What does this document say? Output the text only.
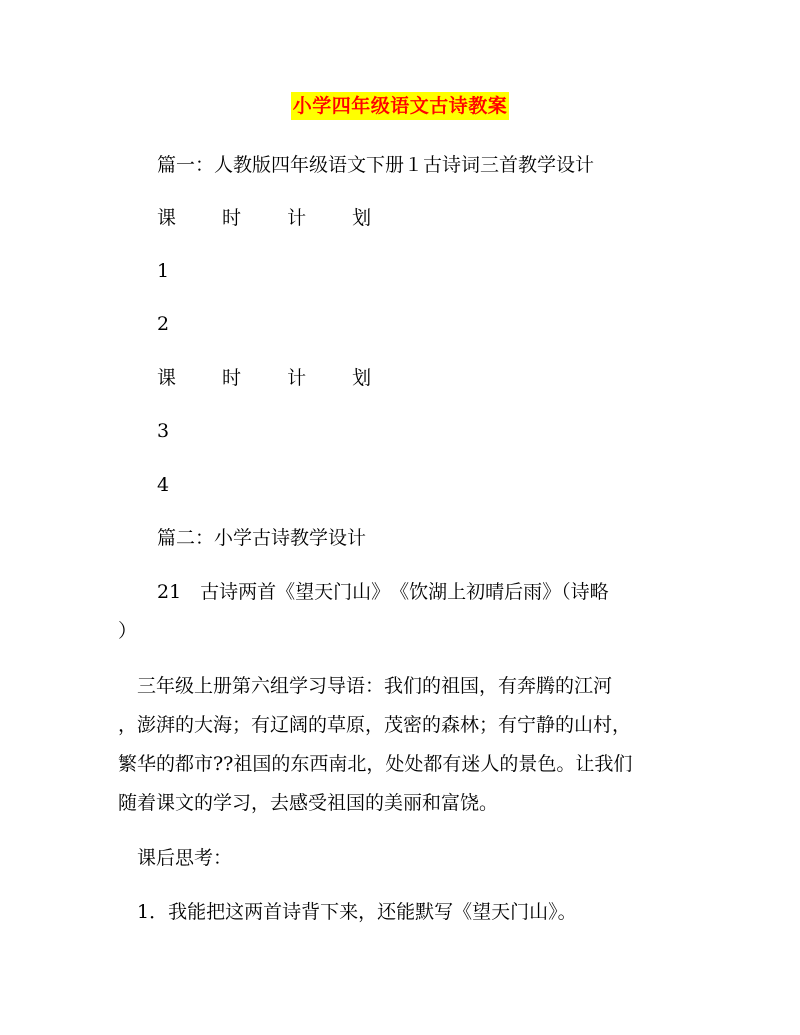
小学四年级语文古诗教案
篇一：人教版四年级语文下册１古诗词三首教学设计
课 时 计 划
1
2
课 时 计 划
3
4
篇二：小学古诗教学设计
21　古诗两首《望天门山》　《饮湖上初晴后雨》（诗略
）
　三年级上册第六组学习导语：我们的祖国，有奔腾的江河
，澎湃的大海；有辽阔的草原，茂密的森林；有宁静的山村，
繁华的都市??祖国的东西南北，处处都有迷人的景色。让我们
随着课文的学习，去感受祖国的美丽和富饶。
　课后思考：
　1．我能把这两首诗背下来，还能默写《望天门山》。
